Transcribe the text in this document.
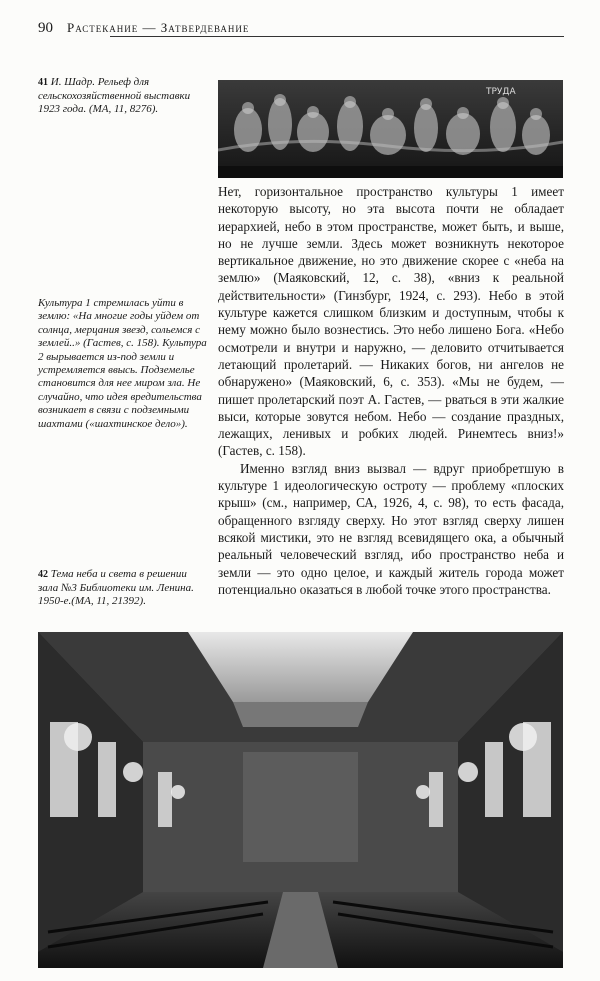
90 Растекание — Затвердевание
41 И. Шадр. Рельеф для сельскохозяйственной выставки 1923 года. (МА, 11, 8276).
ТРУДА
Культура 1 стремилась уйти в землю: «На многие годы уйдем от солнца, мерцания звезд, сольемся с землей..» (Гастев, с. 158). Культура 2 вырывается из-под земли и устремляется ввысь. Подземелье становится для нее миром зла. Не случайно, что идея вредительства возникает в связи с подземными шахтами («шахтинское дело»).

Нет, горизонтальное пространство культуры 1 имеет некоторую высоту, но эта высота почти не обладает иерархией, небо в этом пространстве, может быть, и выше, но не лучше земли. Здесь может возникнуть некоторое вертикальное движение, но это движение скорее с «неба на землю» (Маяковский, 12, с. 38), «вниз к реальной действительности» (Гинзбург, 1924, с. 293). Небо в этой культуре кажется слишком близким и доступным, чтобы к нему можно было вознестись. Это небо лишено Бога. «Небо осмотрели и внутри и наружно, — деловито отчитывается летающий пролетарий. — Никаких богов, ни ангелов не обнаружено» (Маяковский, 6, с. 353). «Мы не будем, — пишет пролетарский поэт А. Гастев, — рваться в эти жалкие выси, которые зовутся небом. Небо — создание праздных, лежащих, ленивых и робких людей. Ринемтесь вниз!» (Гастев, с. 158).

Именно взгляд вниз вызвал — вдруг приобретшую в культуре 1 идеологическую остроту — проблему «плоских крыш» (см., например, СА, 1926, 4, с. 98), то есть фасада, обращенного взгляду сверху. Но этот взгляд сверху лишен всякой мистики, это не взгляд всевидящего ока, а обычный реальный человеческий взгляд, ибо пространство неба и земли — это одно целое, и каждый житель города может потенциально оказаться в любой точке этого пространства.

42 Тема неба и света в решении зала №3 Библиотеки им. Ленина. 1950-е.(МА, 11, 21392).
